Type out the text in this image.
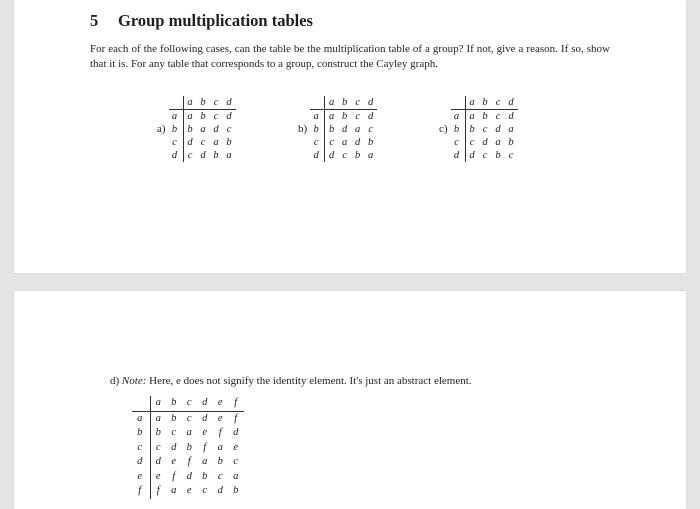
5 Group multiplication tables
For each of the following cases, can the table be the multiplication table of a group? If not, give a reason. If so, show that it is. For any table that corresponds to a group, construct the Cayley graph.
a)
	a	b	c	d
a	a	b	c	d
b	b	a	d	c
c	d	c	a	b
d	c	d	b	a
b)
	a	b	c	d
a	a	b	c	d
b	b	d	a	c
c	c	a	d	b
d	d	c	b	a
c)
	a	b	c	d
a	a	b	c	d
b	b	c	d	a
c	c	d	a	b
d	d	c	b	c
d) Note: Here, e does not signify the identity element. It's just an abstract element.
	a	b	c	d	e	f
a	a	b	c	d	e	f
b	b	c	a	e	f	d
c	c	d	b	f	a	e
d	d	e	f	a	b	c
e	e	f	d	b	c	a
f	f	a	e	c	d	b
